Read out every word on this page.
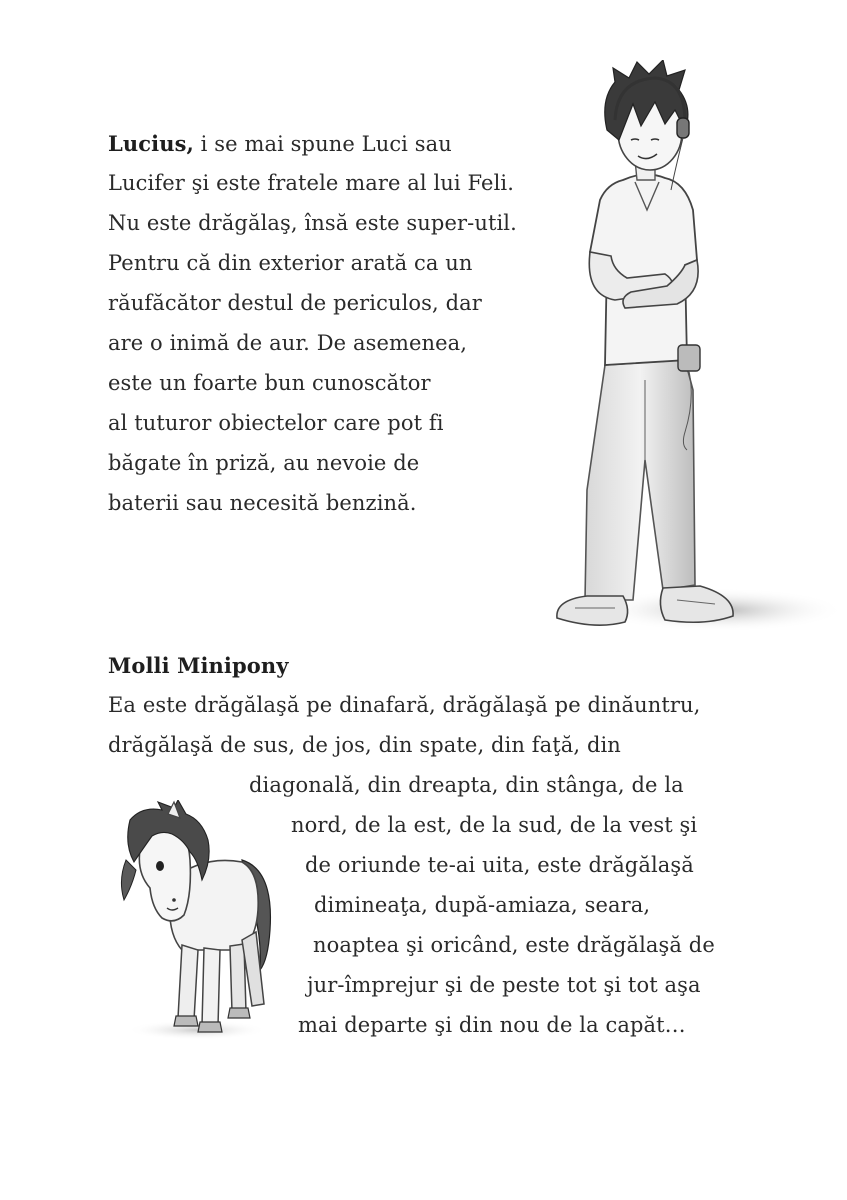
Lucius, i se mai spune Luci sau
Lucifer şi este fratele mare al lui Feli.
Nu este drăgălaş, însă este super-util.
Pentru că din exterior arată ca un
răufăcător destul de periculos, dar
are o inimă de aur. De asemenea,
este un foarte bun cunoscător
al tuturor obiectelor care pot fi
băgate în priză, au nevoie de
baterii sau necesită benzină.
Molli Minipony
Ea este drăgălaşă pe dinafară, drăgălaşă pe dinăuntru,
drăgălaşă de sus, de jos, din spate, din faţă, din
diagonală, din dreapta, din stânga, de la
nord, de la est, de la sud, de la vest şi
de oriunde te-ai uita, este drăgălaşă
dimineaţa, după-amiaza, seara,
noaptea şi oricând, este drăgălaşă de
jur-împrejur şi de peste tot şi tot aşa
mai departe şi din nou de la capăt…
